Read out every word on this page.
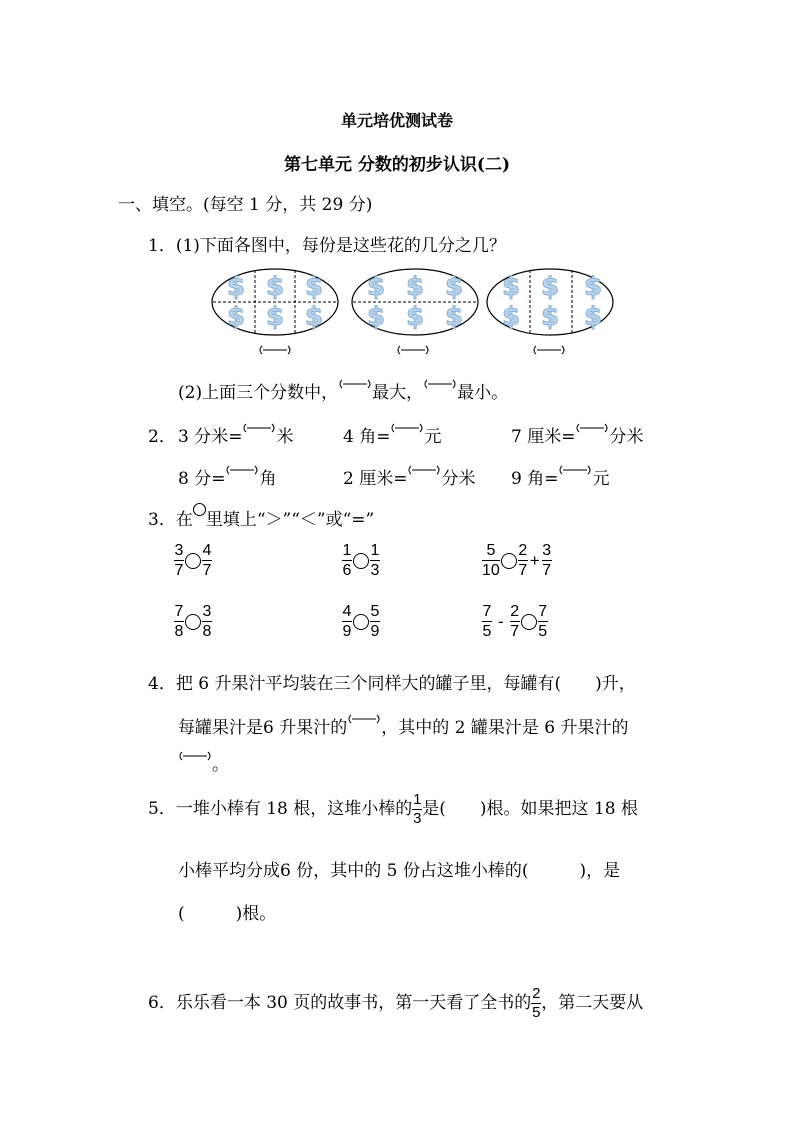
单元培优测试卷
第七单元 分数的初步认识(二)
一、填空。(每空 1 分，共 29 分)
1．(1)下面各图中，每份是这些花的几分之几？
$ $ $
$ $ $
$ $ $
$ $ $
$ $ $
$ $ $
(2)上面三个分数中， 最大， 最小。
2． 3 分米= 米	4 角= 元	7 厘米= 分米
8 分= 角	2 厘米= 分米 9 角= 元
3．在 里填上“＞”“＜”或“=”
$\frac{3}{7} \frac{4}{7}$	$\frac{1}{6} \frac{1}{3}$	$\frac{5}{10} \frac{2}{7} + \frac{3}{7}$
$\frac{7}{8} \frac{3}{8}$	$\frac{4}{9} \frac{5}{9}$	$\frac{7}{5} - \frac{2}{7} \frac{7}{5}$
4．把 6 升果汁平均装在三个同样大的罐子里，每罐有(　　)升，
每罐果汁是6 升果汁的 ，其中的 2 罐果汁是 6 升果汁的
。
5．一堆小棒有 18 根，这堆小棒的 $\frac{1}{3}$ 是(　　)根。如果把这 18 根
小棒平均分成6 份，其中的 5 份占这堆小棒的(　　　)，是
(　　　)根。
6．乐乐看一本 30 页的故事书，第一天看了全书的 $\frac{2}{5}$ ，第二天要从
